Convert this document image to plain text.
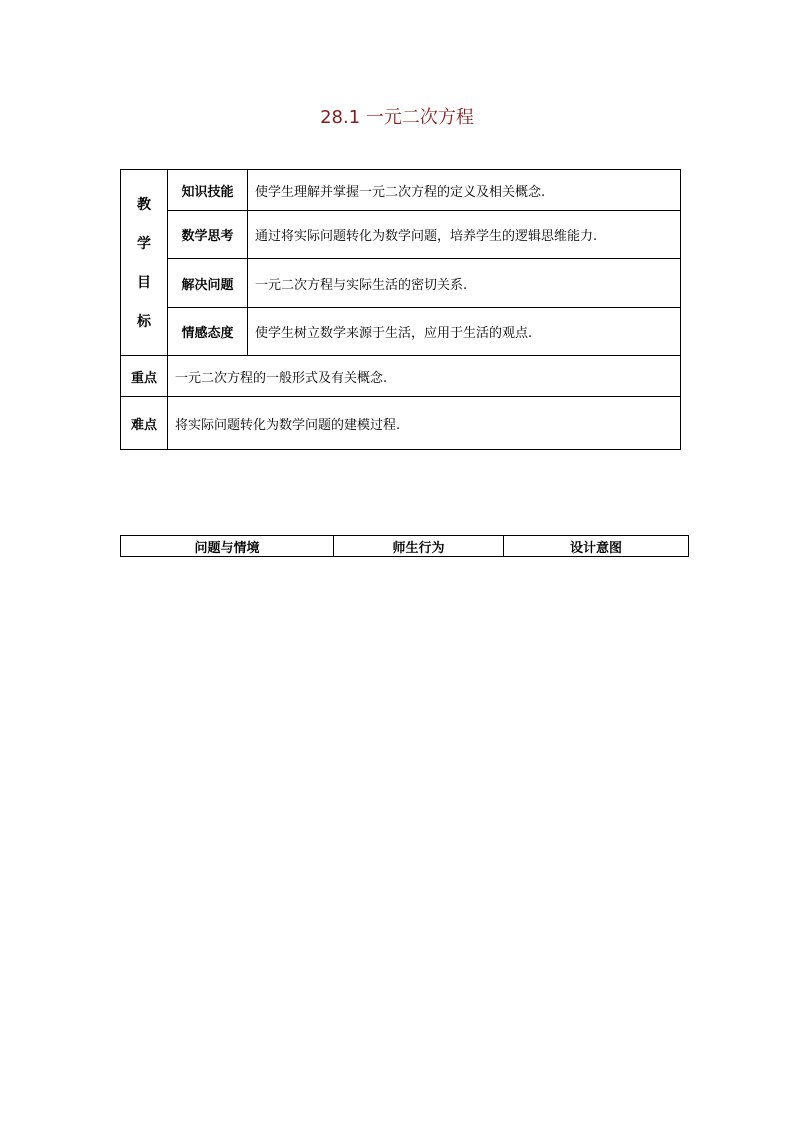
28.1 一元二次方程
教
学
目
标	知识技能	使学生理解并掌握一元二次方程的定义及相关概念.
	数学思考	通过将实际问题转化为数学问题，培养学生的逻辑思维能力.
	解决问题	一元二次方程与实际生活的密切关系.
	情感态度	使学生树立数学来源于生活，应用于生活的观点.
重点	一元二次方程的一般形式及有关概念.	
难点	将实际问题转化为数学问题的建模过程.	
问题与情境	师生行为	设计意图
